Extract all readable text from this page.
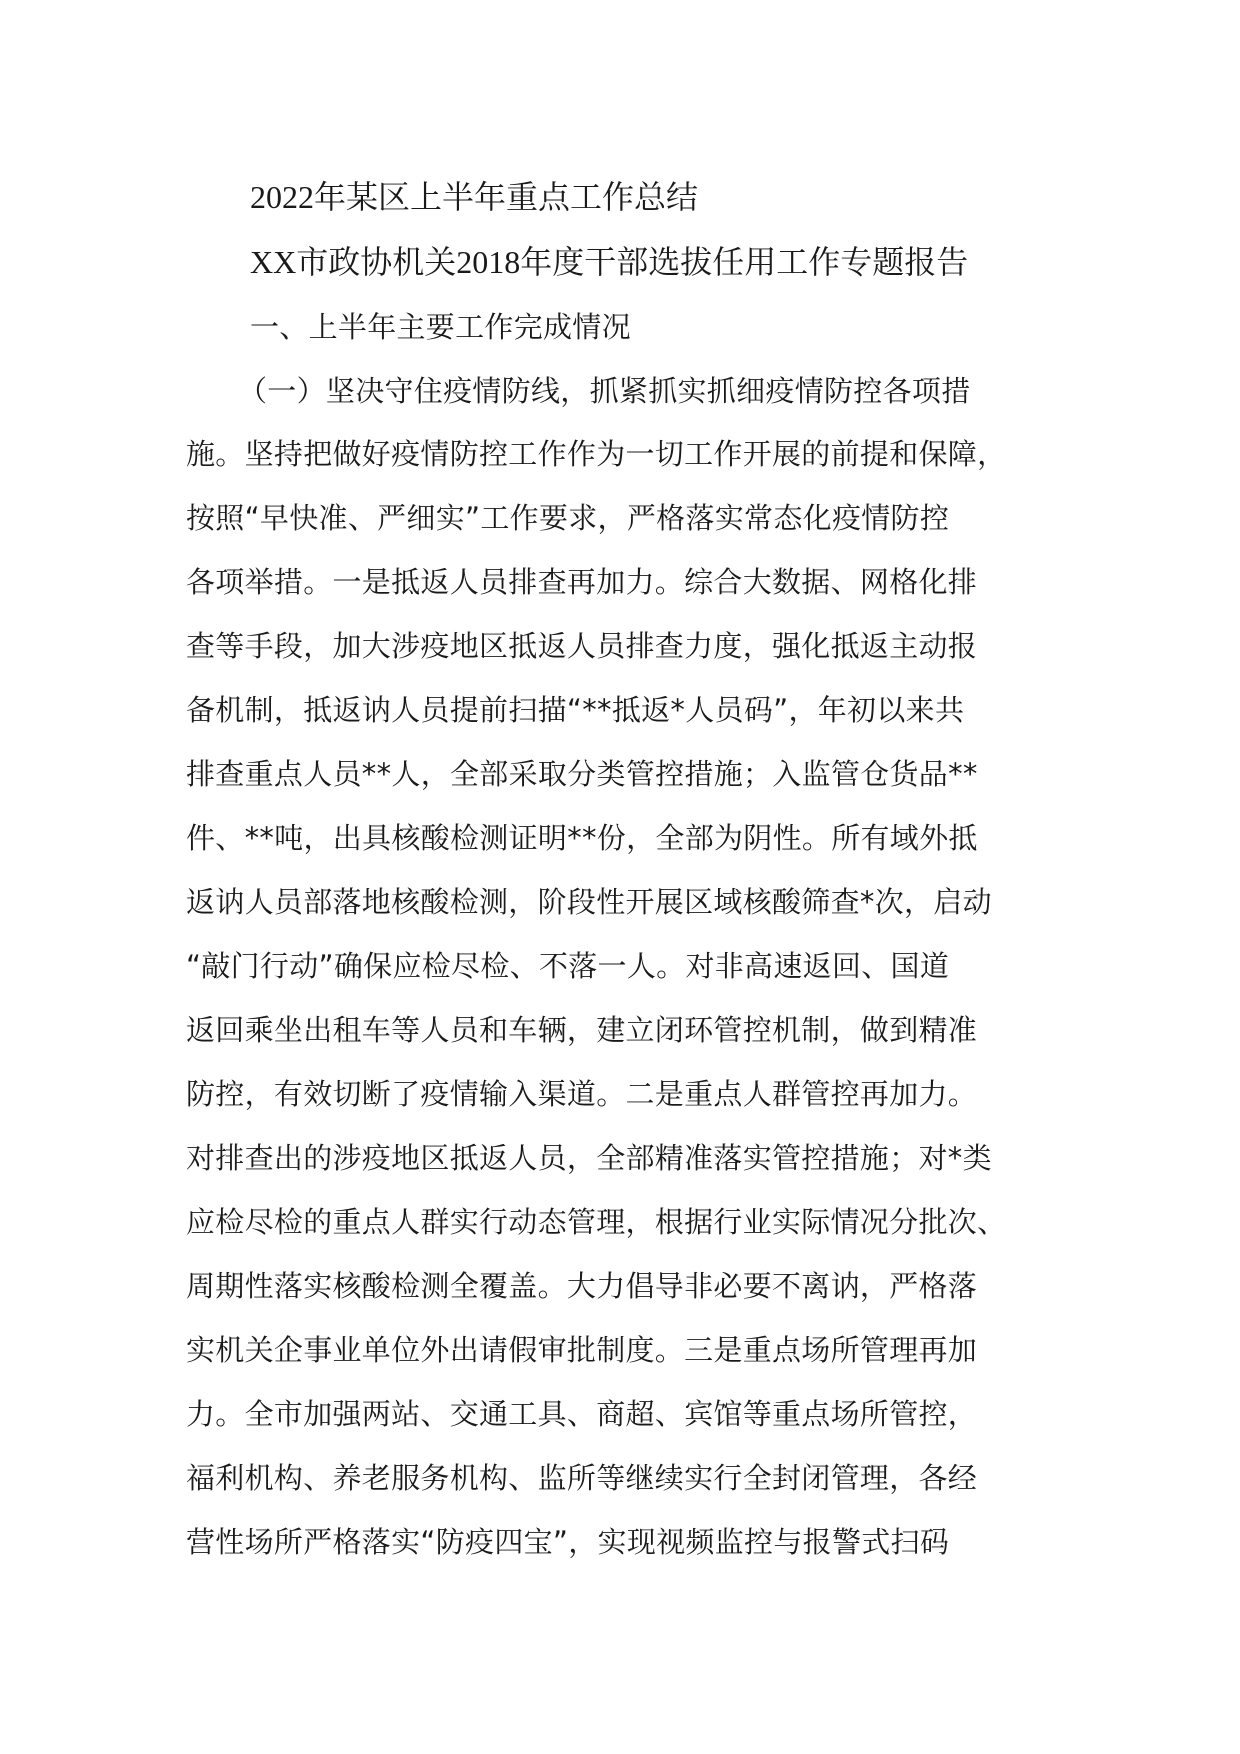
2022年某区上半年重点工作总结
XX市政协机关2018年度干部选拔任用工作专题报告
一、上半年主要工作完成情况
（一）坚决守住疫情防线，抓紧抓实抓细疫情防控各项措
施。坚持把做好疫情防控工作作为一切工作开展的前提和保障，
按照“早快准、严细实”工作要求，严格落实常态化疫情防控
各项举措。一是抵返人员排查再加力。综合大数据、网格化排
查等手段，加大涉疫地区抵返人员排查力度，强化抵返主动报
备机制，抵返讷人员提前扫描“**抵返*人员码”，年初以来共
排查重点人员**人，全部采取分类管控措施；入监管仓货品**
件、**吨，出具核酸检测证明**份，全部为阴性。所有域外抵
返讷人员部落地核酸检测，阶段性开展区域核酸筛查*次，启动
“敲门行动”确保应检尽检、不落一人。对非高速返回、国道
返回乘坐出租车等人员和车辆，建立闭环管控机制，做到精准
防控，有效切断了疫情输入渠道。二是重点人群管控再加力。
对排查出的涉疫地区抵返人员，全部精准落实管控措施；对*类
应检尽检的重点人群实行动态管理，根据行业实际情况分批次、
周期性落实核酸检测全覆盖。大力倡导非必要不离讷，严格落
实机关企事业单位外出请假审批制度。三是重点场所管理再加
力。全市加强两站、交通工具、商超、宾馆等重点场所管控，
福利机构、养老服务机构、监所等继续实行全封闭管理，各经
营性场所严格落实“防疫四宝”，实现视频监控与报警式扫码
